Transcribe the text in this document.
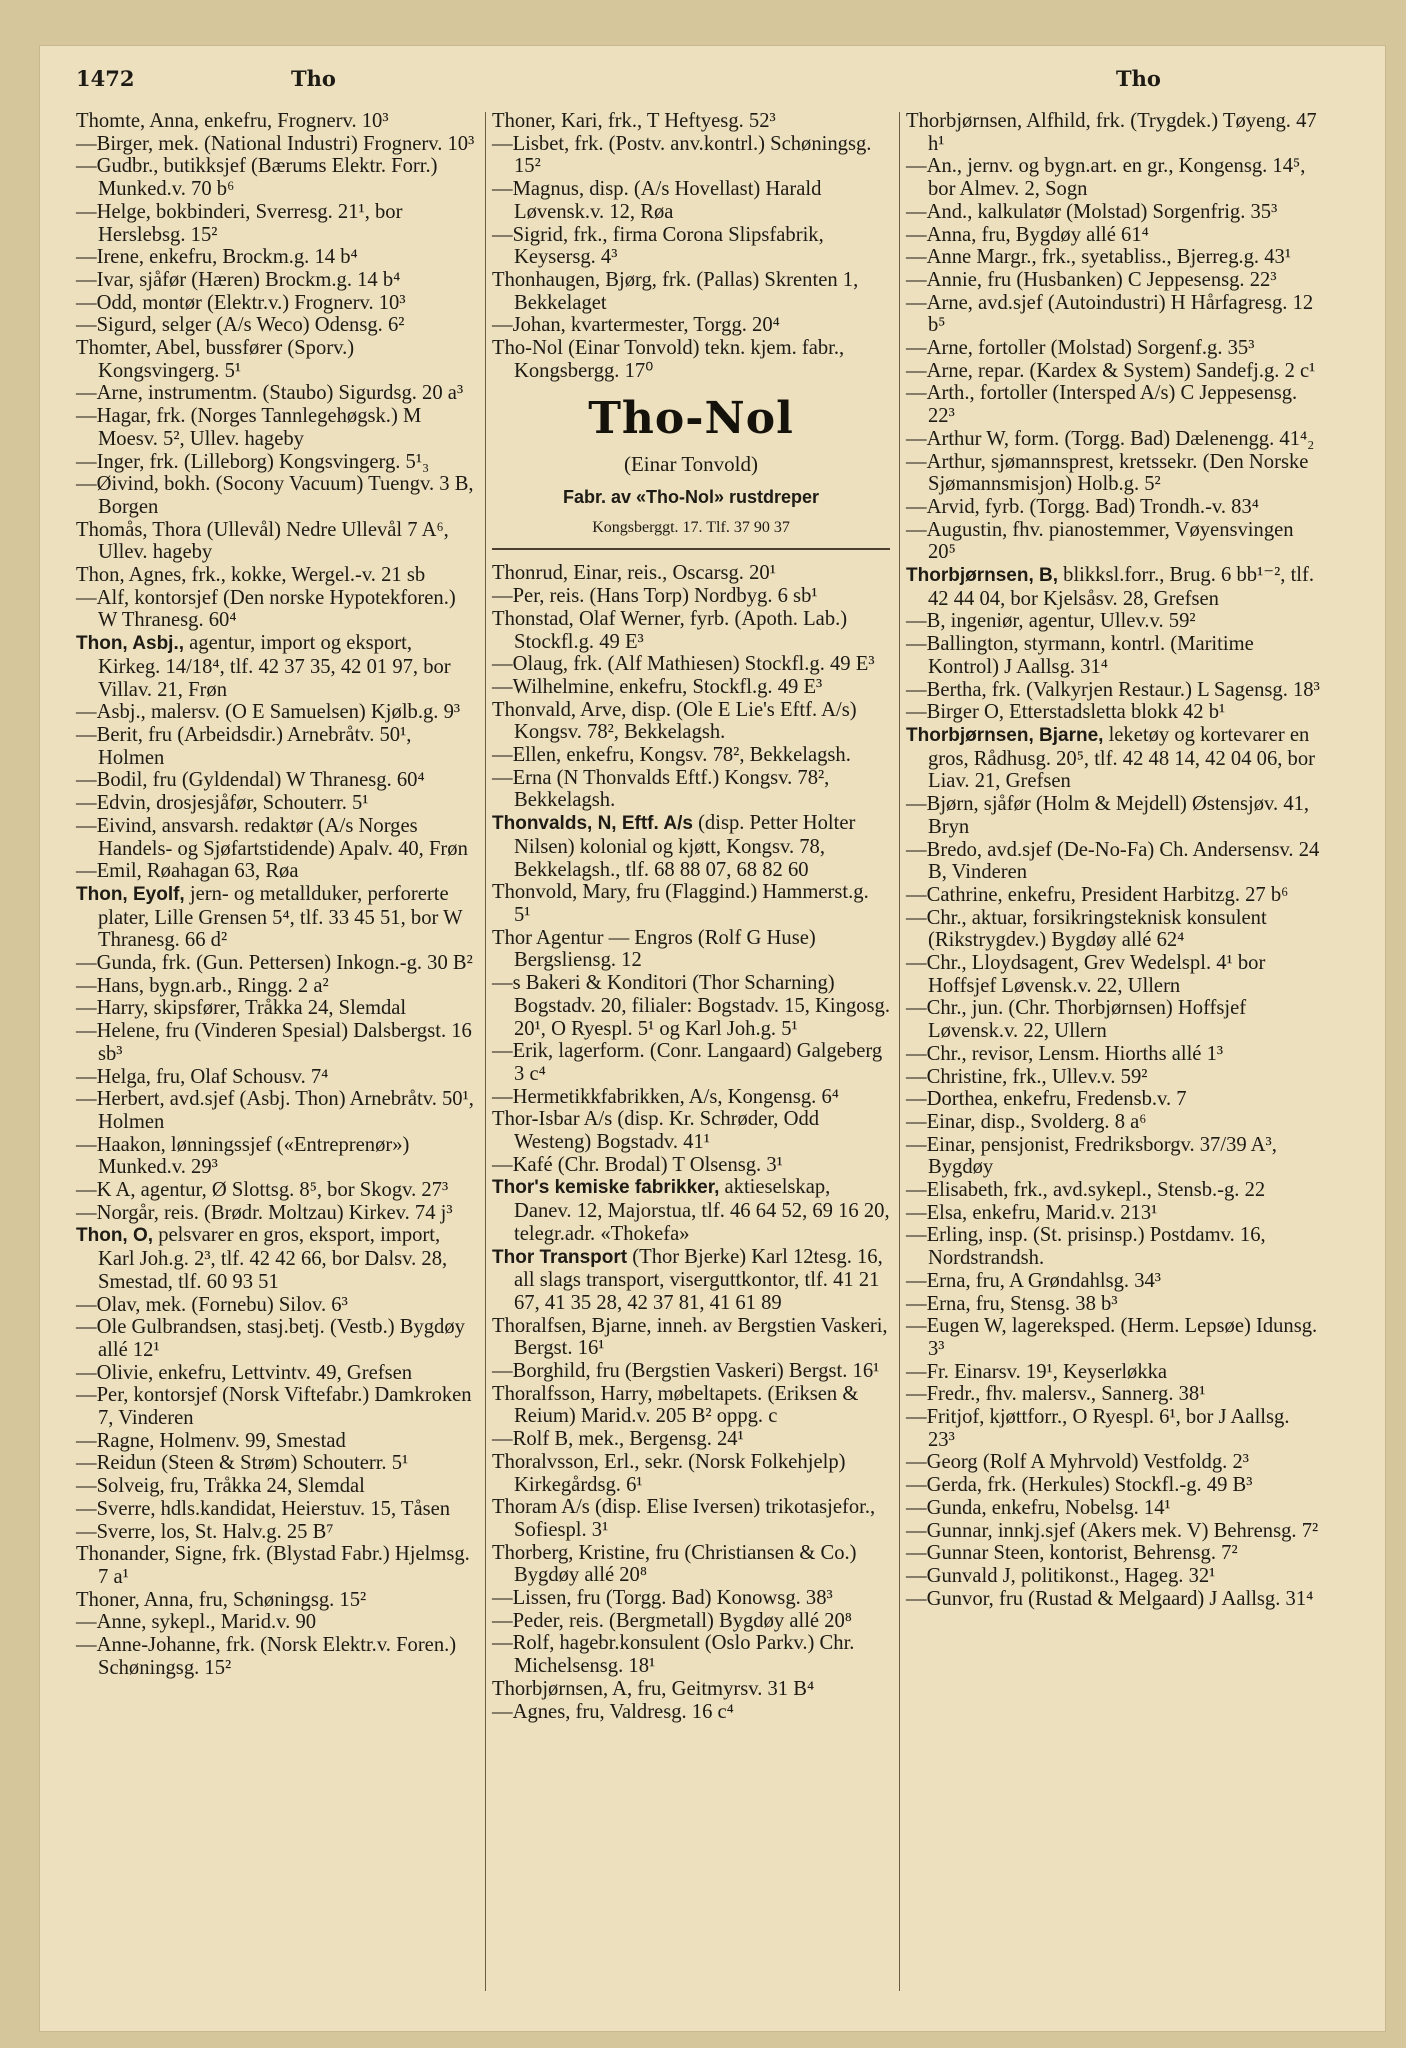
1472	Tho	Tho

Thomte, Anna, enkefru, Frognerv. 10³

—Birger, mek. (National Industri) Frognerv. 10³

—Gudbr., butikksjef (Bærums Elektr. Forr.) Munked.v. 70 b⁶

—Helge, bokbinderi, Sverresg. 21¹, bor Herslebsg. 15²

—Irene, enkefru, Brockm.g. 14 b⁴

—Ivar, sjåfør (Hæren) Brockm.g. 14 b⁴

—Odd, montør (Elektr.v.) Frognerv. 10³

—Sigurd, selger (A/s Weco) Odensg. 6²

Thomter, Abel, bussfører (Sporv.) Kongsvingerg. 5¹

—Arne, instrumentm. (Staubo) Sigurdsg. 20 a³

—Hagar, frk. (Norges Tannlegehøgsk.) M Moesv. 5², Ullev. hageby

—Inger, frk. (Lilleborg) Kongsvingerg. 5¹₃

—Øivind, bokh. (Socony Vacuum) Tuengv. 3 B, Borgen

Thomås, Thora (Ullevål) Nedre Ullevål 7 A⁶, Ullev. hageby

Thon, Agnes, frk., kokke, Wergel.-v. 21 sb

—Alf, kontorsjef (Den norske Hypotekforen.) W Thranesg. 60⁴

Thon, Asbj., agentur, import og eksport, Kirkeg. 14/18⁴, tlf. 42 37 35, 42 01 97, bor Villav. 21, Frøn

—Asbj., malersv. (O E Samuelsen) Kjølb.g. 9³

—Berit, fru (Arbeidsdir.) Arnebråtv. 50¹, Holmen

—Bodil, fru (Gyldendal) W Thranesg. 60⁴

—Edvin, drosjesjåfør, Schouterr. 5¹

—Eivind, ansvarsh. redaktør (A/s Norges Handels- og Sjøfartstidende) Apalv. 40, Frøn

—Emil, Røahagan 63, Røa

Thon, Eyolf, jern- og metallduker, perforerte plater, Lille Grensen 5⁴, tlf. 33 45 51, bor W Thranesg. 66 d²

—Gunda, frk. (Gun. Pettersen) Inkogn.-g. 30 B²

—Hans, bygn.arb., Ringg. 2 a²

—Harry, skipsfører, Tråkka 24, Slemdal

—Helene, fru (Vinderen Spesial) Dalsbergst. 16 sb³

—Helga, fru, Olaf Schousv. 7⁴

—Herbert, avd.sjef (Asbj. Thon) Arnebråtv. 50¹, Holmen

—Haakon, lønningssjef («Entreprenør») Munked.v. 29³

—K A, agentur, Ø Slottsg. 8⁵, bor Skogv. 27³

—Norgår, reis. (Brødr. Moltzau) Kirkev. 74 j³

Thon, O, pelsvarer en gros, eksport, import, Karl Joh.g. 2³, tlf. 42 42 66, bor Dalsv. 28, Smestad, tlf. 60 93 51

—Olav, mek. (Fornebu) Silov. 6³

—Ole Gulbrandsen, stasj.betj. (Vestb.) Bygdøy allé 12¹

—Olivie, enkefru, Lettvintv. 49, Grefsen

—Per, kontorsjef (Norsk Viftefabr.) Damkroken 7, Vinderen

—Ragne, Holmenv. 99, Smestad

—Reidun (Steen & Strøm) Schouterr. 5¹

—Solveig, fru, Tråkka 24, Slemdal

—Sverre, hdls.kandidat, Heierstuv. 15, Tåsen

—Sverre, los, St. Halv.g. 25 B⁷

Thonander, Signe, frk. (Blystad Fabr.) Hjelmsg. 7 a¹

Thoner, Anna, fru, Schøningsg. 15²

—Anne, sykepl., Marid.v. 90

—Anne-Johanne, frk. (Norsk Elektr.v. Foren.) Schøningsg. 15²

Thoner, Kari, frk., T Heftyesg. 52³

—Lisbet, frk. (Postv. anv.kontrl.) Schøningsg. 15²

—Magnus, disp. (A/s Hovellast) Harald Løvensk.v. 12, Røa

—Sigrid, frk., firma Corona Slipsfabrik, Keysersg. 4³

Thonhaugen, Bjørg, frk. (Pallas) Skrenten 1, Bekkelaget

—Johan, kvartermester, Torgg. 20⁴

Tho-Nol (Einar Tonvold) tekn. kjem. fabr., Kongsbergg. 17⁰

Tho-Nol
(Einar Tonvold)
Fabr. av «Tho-Nol» rustdreper
Kongsberggt. 17. Tlf. 37 90 37

Thonrud, Einar, reis., Oscarsg. 20¹

—Per, reis. (Hans Torp) Nordbyg. 6 sb¹

Thonstad, Olaf Werner, fyrb. (Apoth. Lab.) Stockfl.g. 49 E³

—Olaug, frk. (Alf Mathiesen) Stockfl.g. 49 E³

—Wilhelmine, enkefru, Stockfl.g. 49 E³

Thonvald, Arve, disp. (Ole E Lie's Eftf. A/s) Kongsv. 78², Bekkelagsh.

—Ellen, enkefru, Kongsv. 78², Bekkelagsh.

—Erna (N Thonvalds Eftf.) Kongsv. 78², Bekkelagsh.

Thonvalds, N, Eftf. A/s (disp. Petter Holter Nilsen) kolonial og kjøtt, Kongsv. 78, Bekkelagsh., tlf. 68 88 07, 68 82 60

Thonvold, Mary, fru (Flaggind.) Hammerst.g. 5¹

Thor Agentur — Engros (Rolf G Huse) Bergsliensg. 12

—s Bakeri & Konditori (Thor Scharning) Bogstadv. 20, filialer: Bogstadv. 15, Kingosg. 20¹, O Ryespl. 5¹ og Karl Joh.g. 5¹

—Erik, lagerform. (Conr. Langaard) Galgeberg 3 c⁴

—Hermetikkfabrikken, A/s, Kongensg. 6⁴

Thor-Isbar A/s (disp. Kr. Schrøder, Odd Westeng) Bogstadv. 41¹

—Kafé (Chr. Brodal) T Olsensg. 3¹

Thor's kemiske fabrikker, aktieselskap, Danev. 12, Majorstua, tlf. 46 64 52, 69 16 20, telegr.adr. «Thokefa»

Thor Transport (Thor Bjerke) Karl 12tesg. 16, all slags transport, viserguttkontor, tlf. 41 21 67, 41 35 28, 42 37 81, 41 61 89

Thoralfsen, Bjarne, inneh. av Bergstien Vaskeri, Bergst. 16¹

—Borghild, fru (Bergstien Vaskeri) Bergst. 16¹

Thoralfsson, Harry, møbeltapets. (Eriksen & Reium) Marid.v. 205 B² oppg. c

—Rolf B, mek., Bergensg. 24¹

Thoralvsson, Erl., sekr. (Norsk Folkehjelp) Kirkegårdsg. 6¹

Thoram A/s (disp. Elise Iversen) trikotasjefor., Sofiespl. 3¹

Thorberg, Kristine, fru (Christiansen & Co.) Bygdøy allé 20⁸

—Lissen, fru (Torgg. Bad) Konowsg. 38³

—Peder, reis. (Bergmetall) Bygdøy allé 20⁸

—Rolf, hagebr.konsulent (Oslo Parkv.) Chr. Michelsensg. 18¹

Thorbjørnsen, A, fru, Geitmyrsv. 31 B⁴

—Agnes, fru, Valdresg. 16 c⁴

Thorbjørnsen, Alfhild, frk. (Trygdek.) Tøyeng. 47 h¹

—An., jernv. og bygn.art. en gr., Kongensg. 14⁵, bor Almev. 2, Sogn

—And., kalkulatør (Molstad) Sorgenfrig. 35³

—Anna, fru, Bygdøy allé 61⁴

—Anne Margr., frk., syetabliss., Bjerreg.g. 43¹

—Annie, fru (Husbanken) C Jeppesensg. 22³

—Arne, avd.sjef (Autoindustri) H Hårfagresg. 12 b⁵

—Arne, fortoller (Molstad) Sorgenf.g. 35³

—Arne, repar. (Kardex & System) Sandefj.g. 2 c¹

—Arth., fortoller (Intersped A/s) C Jeppesensg. 22³

—Arthur W, form. (Torgg. Bad) Dælenengg. 41⁴₂

—Arthur, sjømannsprest, kretssekr. (Den Norske Sjømannsmisjon) Holb.g. 5²

—Arvid, fyrb. (Torgg. Bad) Trondh.-v. 83⁴

—Augustin, fhv. pianostemmer, Vøyensvingen 20⁵

Thorbjørnsen, B, blikksl.forr., Brug. 6 bb¹⁻², tlf. 42 44 04, bor Kjelsåsv. 28, Grefsen

—B, ingeniør, agentur, Ullev.v. 59²

—Ballington, styrmann, kontrl. (Maritime Kontrol) J Aallsg. 31⁴

—Bertha, frk. (Valkyrjen Restaur.) L Sagensg. 18³

—Birger O, Etterstadsletta blokk 42 b¹

Thorbjørnsen, Bjarne, leketøy og kortevarer en gros, Rådhusg. 20⁵, tlf. 42 48 14, 42 04 06, bor Liav. 21, Grefsen

—Bjørn, sjåfør (Holm & Mejdell) Østensjøv. 41, Bryn

—Bredo, avd.sjef (De-No-Fa) Ch. Andersensv. 24 B, Vinderen

—Cathrine, enkefru, President Harbitzg. 27 b⁶

—Chr., aktuar, forsikringsteknisk konsulent (Rikstrygdev.) Bygdøy allé 62⁴

—Chr., Lloydsagent, Grev Wedelspl. 4¹ bor Hoffsjef Løvensk.v. 22, Ullern

—Chr., jun. (Chr. Thorbjørnsen) Hoffsjef Løvensk.v. 22, Ullern

—Chr., revisor, Lensm. Hiorths allé 1³

—Christine, frk., Ullev.v. 59²

—Dorthea, enkefru, Fredensb.v. 7

—Einar, disp., Svolderg. 8 a⁶

—Einar, pensjonist, Fredriksborgv. 37/39 A³, Bygdøy

—Elisabeth, frk., avd.sykepl., Stensb.-g. 22

—Elsa, enkefru, Marid.v. 213¹

—Erling, insp. (St. prisinsp.) Postdamv. 16, Nordstrandsh.

—Erna, fru, A Grøndahlsg. 34³

—Erna, fru, Stensg. 38 b³

—Eugen W, lagereksped. (Herm. Lepsøe) Idunsg. 3³

—Fr. Einarsv. 19¹, Keyserløkka

—Fredr., fhv. malersv., Sannerg. 38¹

—Fritjof, kjøttforr., O Ryespl. 6¹, bor J Aallsg. 23³

—Georg (Rolf A Myhrvold) Vestfoldg. 2³

—Gerda, frk. (Herkules) Stockfl.-g. 49 B³

—Gunda, enkefru, Nobelsg. 14¹

—Gunnar, innkj.sjef (Akers mek. V) Behrensg. 7²

—Gunnar Steen, kontorist, Behrensg. 7²

—Gunvald J, politikonst., Hageg. 32¹

—Gunvor, fru (Rustad & Melgaard) J Aallsg. 31⁴
